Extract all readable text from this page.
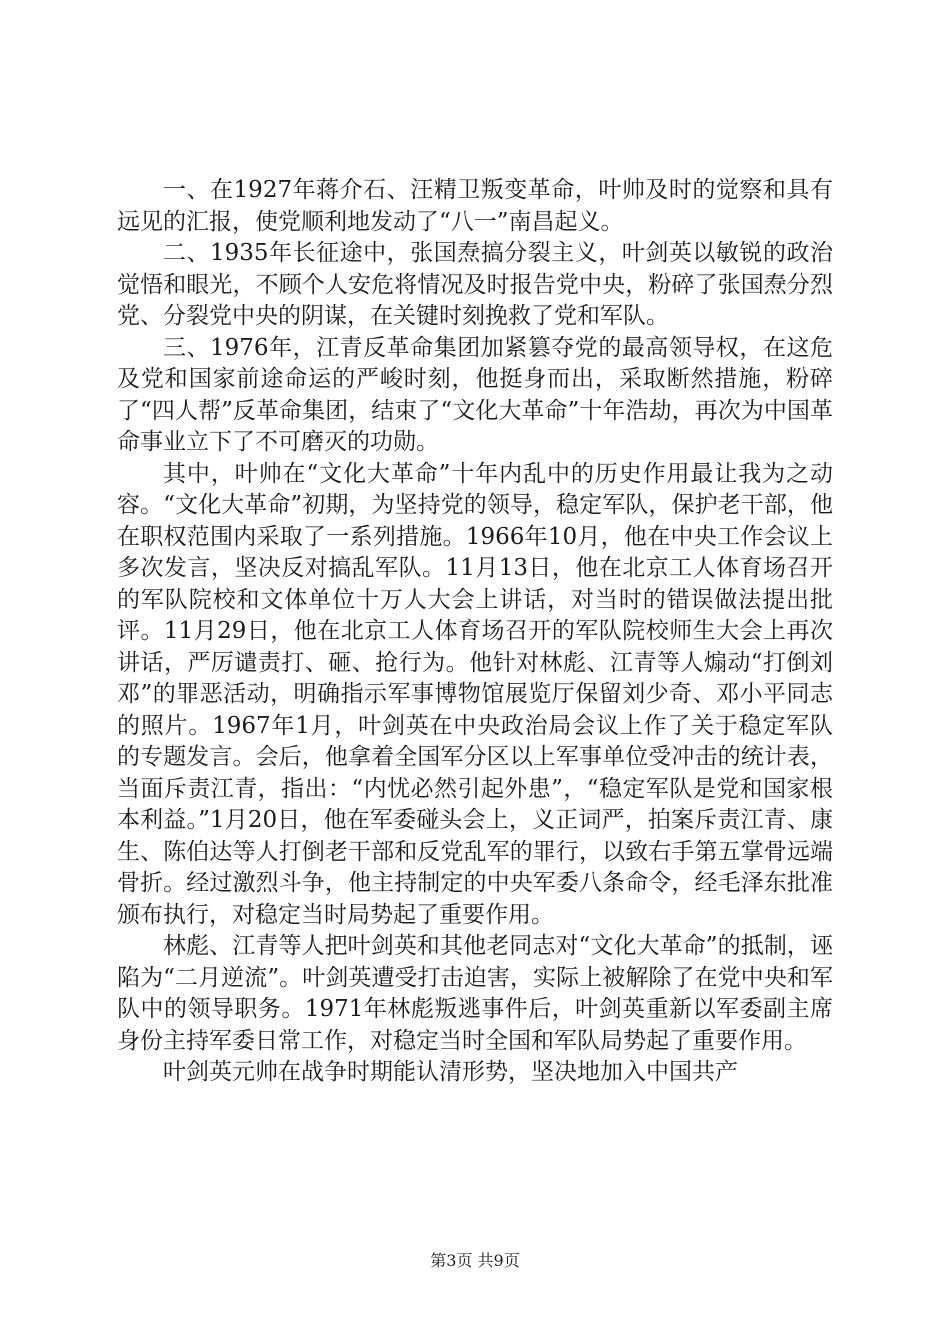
一、在1927年蒋介石、汪精卫叛变革命，叶帅及时的觉察和具有远见的汇报，使党顺利地发动了“八一”南昌起义。

二、1935年长征途中，张国焘搞分裂主义，叶剑英以敏锐的政治觉悟和眼光，不顾个人安危将情况及时报告党中央，粉碎了张国焘分烈党、分裂党中央的阴谋，在关键时刻挽救了党和军队。

三、1976年，江青反革命集团加紧篡夺党的最高领导权，在这危及党和国家前途命运的严峻时刻，他挺身而出，采取断然措施，粉碎了“四人帮”反革命集团，结束了“文化大革命”十年浩劫，再次为中国革命事业立下了不可磨灭的功勋。

其中，叶帅在“文化大革命”十年内乱中的历史作用最让我为之动容。“文化大革命”初期，为坚持党的领导，稳定军队，保护老干部，他在职权范围内采取了一系列措施。1966年10月，他在中央工作会议上多次发言，坚决反对搞乱军队。11月13日，他在北京工人体育场召开的军队院校和文体单位十万人大会上讲话，对当时的错误做法提出批评。11月29日，他在北京工人体育场召开的军队院校师生大会上再次讲话，严厉谴责打、砸、抢行为。他针对林彪、江青等人煽动“打倒刘邓”的罪恶活动，明确指示军事博物馆展览厅保留刘少奇、邓小平同志的照片。1967年1月，叶剑英在中央政治局会议上作了关于稳定军队的专题发言。会后，他拿着全国军分区以上军事单位受冲击的统计表，当面斥责江青，指出：“内忧必然引起外患”，“稳定军队是党和国家根本利益。”1月20日，他在军委碰头会上，义正词严，拍案斥责江青、康生、陈伯达等人打倒老干部和反党乱军的罪行，以致右手第五掌骨远端骨折。经过激烈斗争，他主持制定的中央军委八条命令，经毛泽东批准颁布执行，对稳定当时局势起了重要作用。

林彪、江青等人把叶剑英和其他老同志对“文化大革命”的抵制，诬陷为“二月逆流”。叶剑英遭受打击迫害，实际上被解除了在党中央和军队中的领导职务。1971年林彪叛逃事件后，叶剑英重新以军委副主席身份主持军委日常工作，对稳定当时全国和军队局势起了重要作用。

叶剑英元帅在战争时期能认清形势，坚决地加入中国共产

第3页 共9页
